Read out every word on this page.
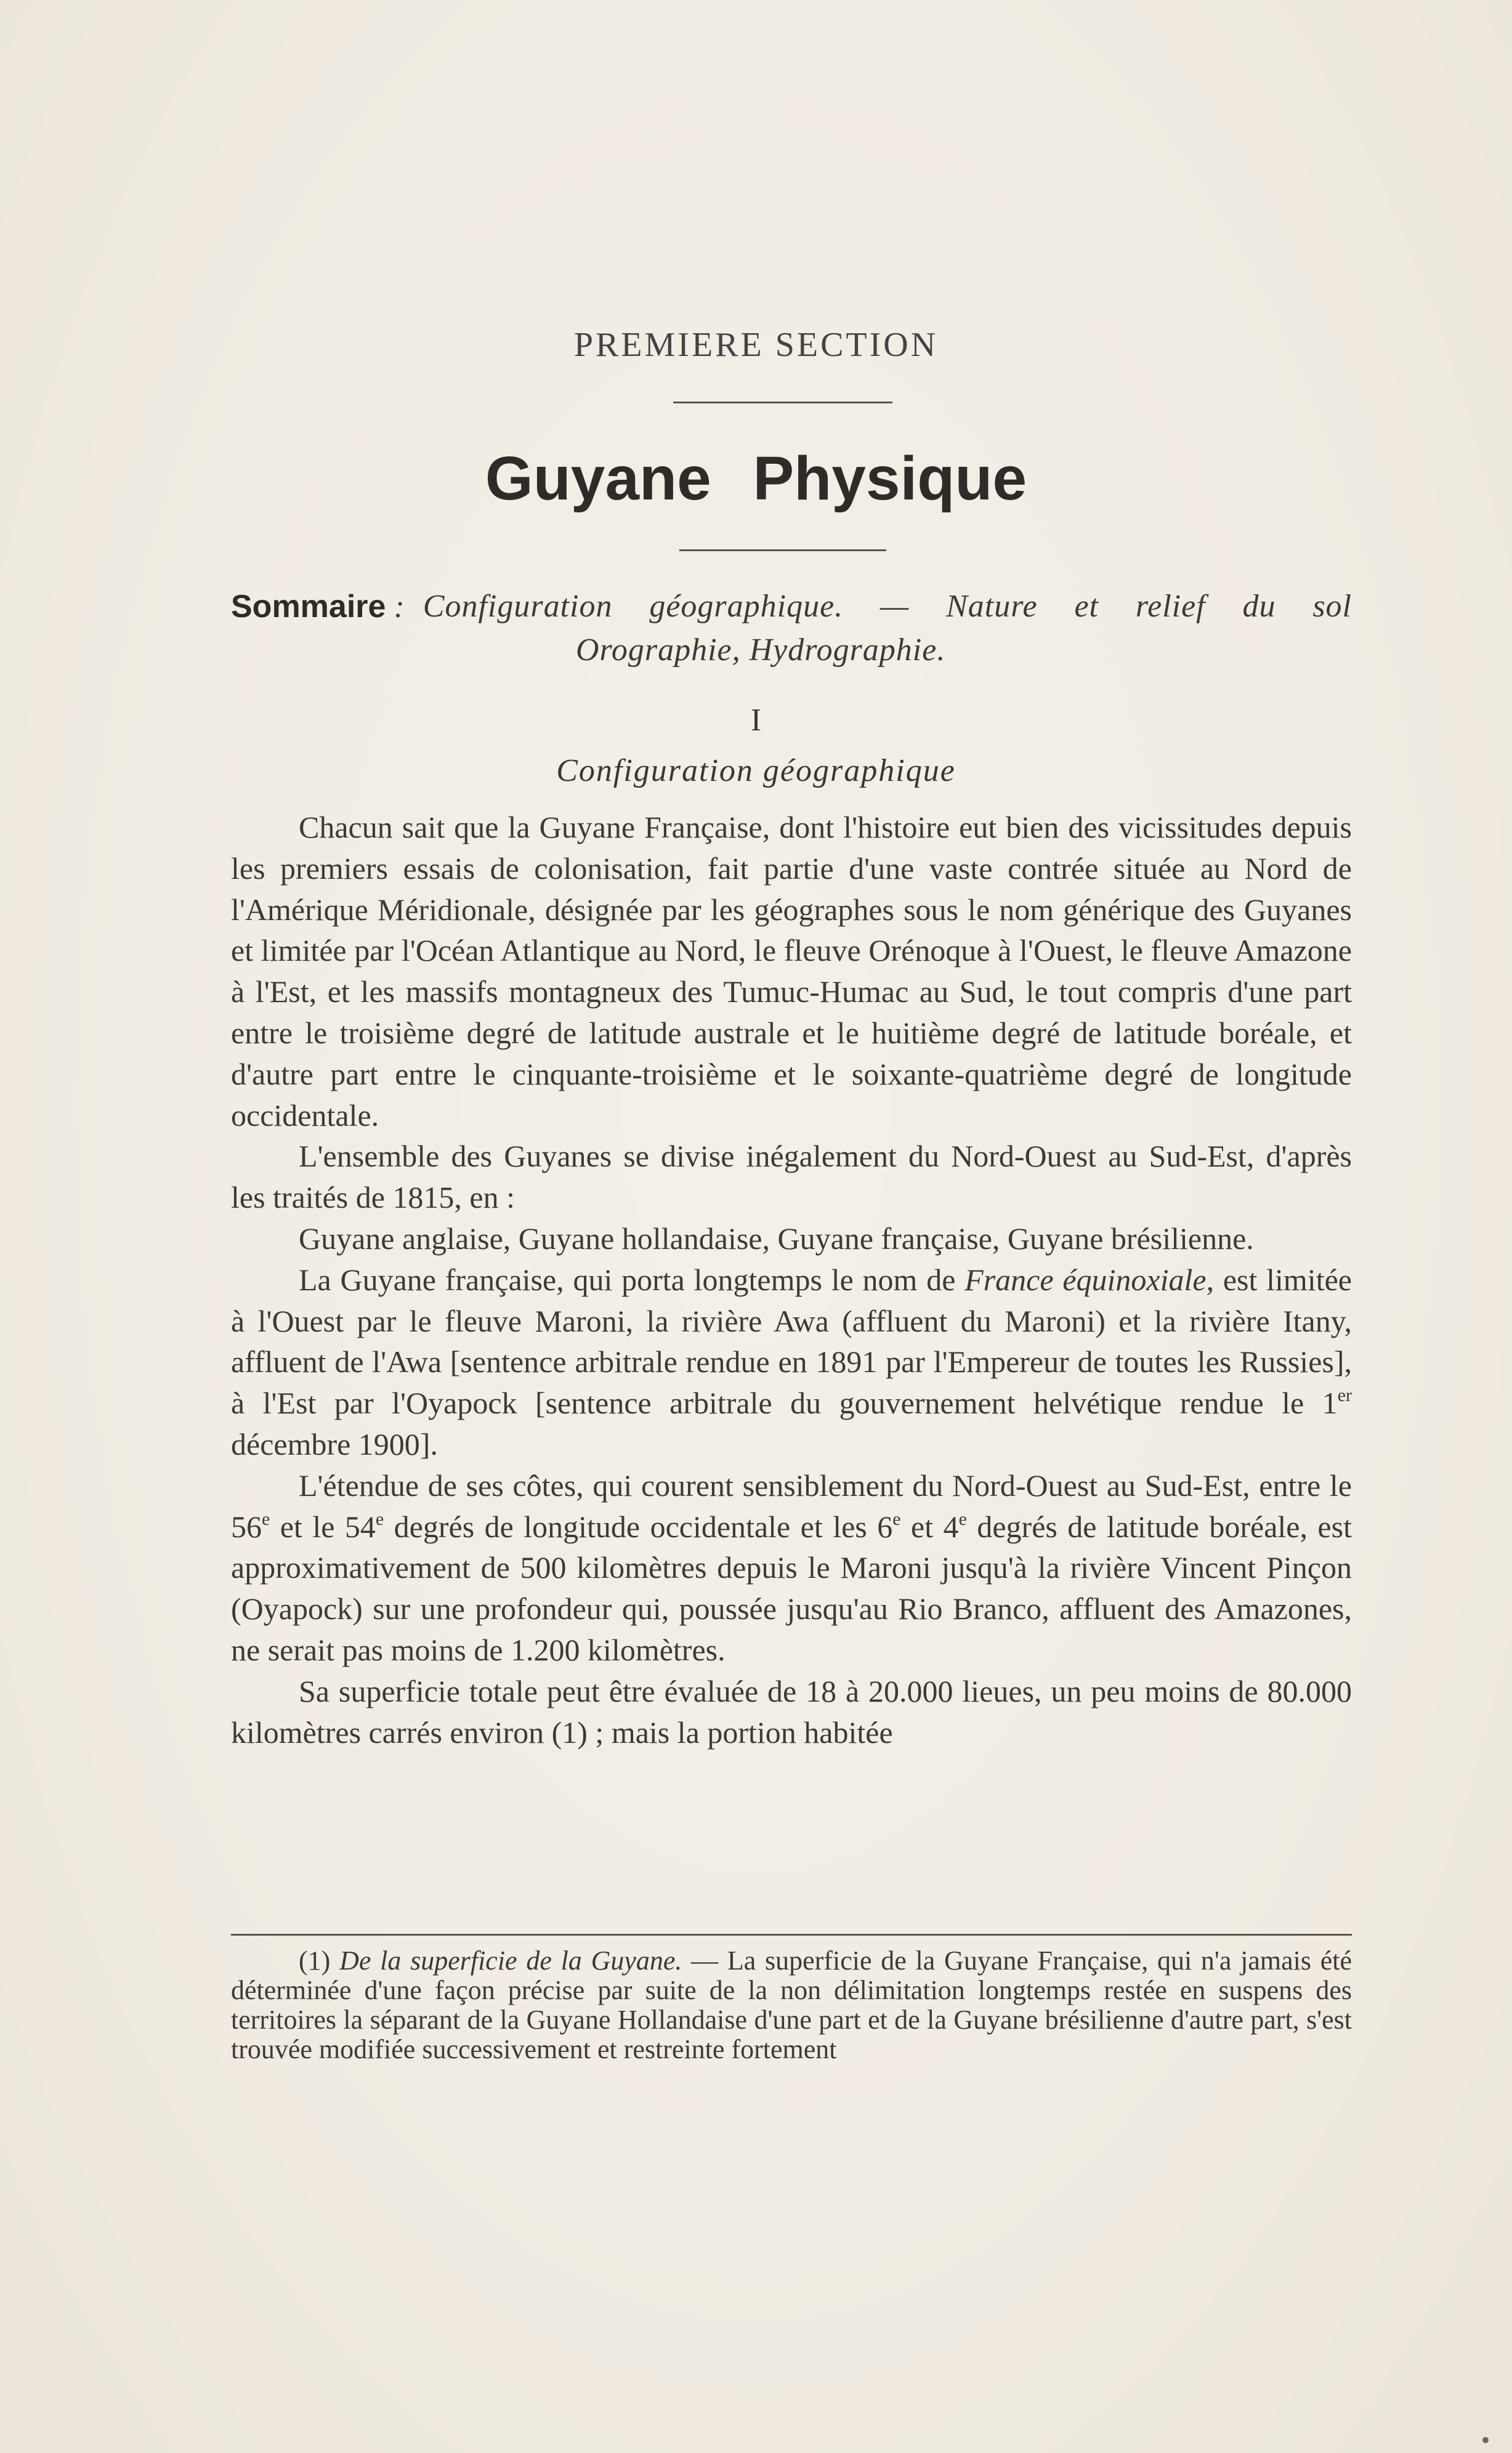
PREMIERE SECTION
Guyane Physique
Sommaire : Configuration géographique. — Nature et relief du sol
Orographie, Hydrographie.
I
Configuration géographique

Chacun sait que la Guyane Française, dont l'histoire eut bien des vicissitudes depuis les premiers essais de colonisation, fait partie d'une vaste contrée située au Nord de l'Amérique Méridionale, désignée par les géographes sous le nom générique des Guyanes et limitée par l'Océan Atlantique au Nord, le fleuve Orénoque à l'Ouest, le fleuve Amazone à l'Est, et les massifs montagneux des Tumuc-Humac au Sud, le tout compris d'une part entre le troisième degré de latitude australe et le huitième degré de latitude boréale, et d'autre part entre le cinquante-troisième et le soixante-quatrième degré de longitude occidentale.

L'ensemble des Guyanes se divise inégalement du Nord-Ouest au Sud-Est, d'après les traités de 1815, en :

Guyane anglaise, Guyane hollandaise, Guyane française, Guyane brésilienne.

La Guyane française, qui porta longtemps le nom de France équinoxiale, est limitée à l'Ouest par le fleuve Maroni, la rivière Awa (affluent du Maroni) et la rivière Itany, affluent de l'Awa [sentence arbitrale rendue en 1891 par l'Empereur de toutes les Russies], à l'Est par l'Oyapock [sentence arbitrale du gouvernement helvétique rendue le 1er décembre 1900].

L'étendue de ses côtes, qui courent sensiblement du Nord-Ouest au Sud-Est, entre le 56e et le 54e degrés de longitude occidentale et les 6e et 4e degrés de latitude boréale, est approximativement de 500 kilomètres depuis le Maroni jusqu'à la rivière Vincent Pinçon (Oyapock) sur une profondeur qui, poussée jusqu'au Rio Branco, affluent des Amazones, ne serait pas moins de 1.200 kilomètres.

Sa superficie totale peut être évaluée de 18 à 20.000 lieues, un peu moins de 80.000 kilomètres carrés environ (1) ; mais la portion habitée

(1) De la superficie de la Guyane. — La superficie de la Guyane Française, qui n'a jamais été déterminée d'une façon précise par suite de la non délimitation longtemps restée en suspens des territoires la séparant de la Guyane Hollandaise d'une part et de la Guyane brésilienne d'autre part, s'est trouvée modifiée successivement et restreinte fortement
